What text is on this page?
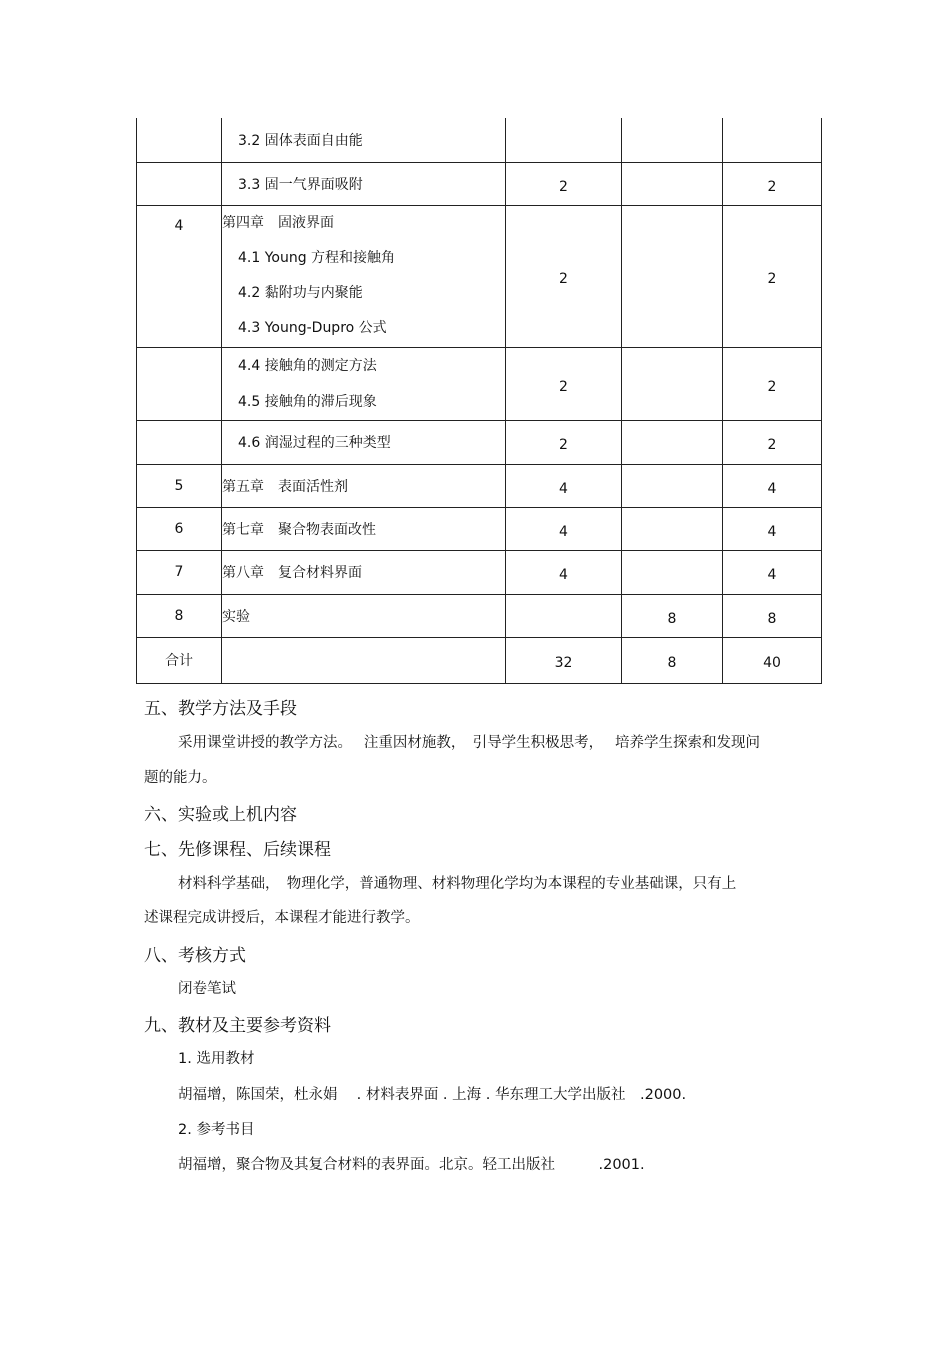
	3.2 固体表面自由能			

	3.3 固一气界面吸附	2		2
4	第四章　固液界面
4.1 Young 方程和接触角
4.2 黏附功与内聚能
4.3 Young-Dupro 公式	2		2

	4.4 接触角的测定方法
4.5 接触角的滞后现象	2		2

	4.6 润湿过程的三种类型	2		2
5	第五章　表面活性剂	4		4
6	第七章　聚合物表面改性	4		4
7	第八章　复合材料界面	4		4
8	实验		8	8
合计		32	8	40
五、教学方法及手段
采用课堂讲授的教学方法。　 注重因材施教，　引导学生积极思考，　 培养学生探索和发现问
题的能力。
六、实验或上机内容
七、先修课程、后续课程
材料科学基础，　物理化学，普通物理、材料物理化学均为本课程的专业基础课，只有上
述课程完成讲授后，本课程才能进行教学。
八、考核方式
闭卷笔试
九、教材及主要参考资料
1. 选用教材
胡福增，陈国荣，杜永娟　 . 材料表界面 . 上海 . 华东理工大学出版社　.2000.
2. 参考书目
胡福增，聚合物及其复合材料的表界面。北京。轻工出版社　　　.2001.
